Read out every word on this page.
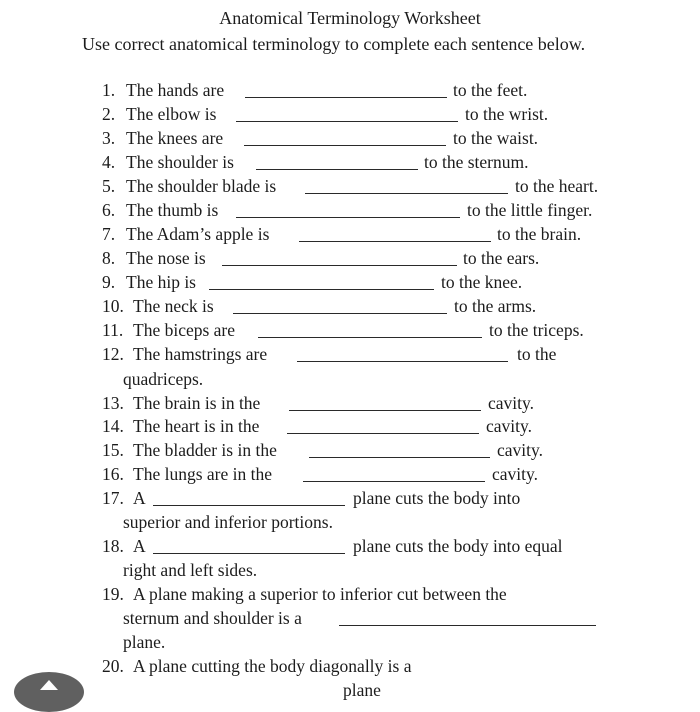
Anatomical Terminology Worksheet
Use correct anatomical terminology to complete each sentence below.
1. The hands are	to the feet.
2. The elbow is	to the wrist.
3. The knees are	to the waist.
4. The shoulder is	to the sternum.
5. The shoulder blade is	to the heart.
6. The thumb is	to the little finger.
7. The Adam’s apple is	to the brain.
8. The nose is	to the ears.
9. The hip is	to the knee.
10. The neck is	to the arms.
11. The biceps are	to the triceps.
12. The hamstrings are	to the
quadriceps.
13. The brain is in the	cavity.
14. The heart is in the	cavity.
15. The bladder is in the	cavity.
16. The lungs are in the	cavity.
17. A	plane cuts the body into
superior and inferior portions.
18. A	plane cuts the body into equal
right and left sides.
19. A plane making a superior to inferior cut between the
sternum and shoulder is a
plane.
20. A plane cutting the body diagonally is a
plane
